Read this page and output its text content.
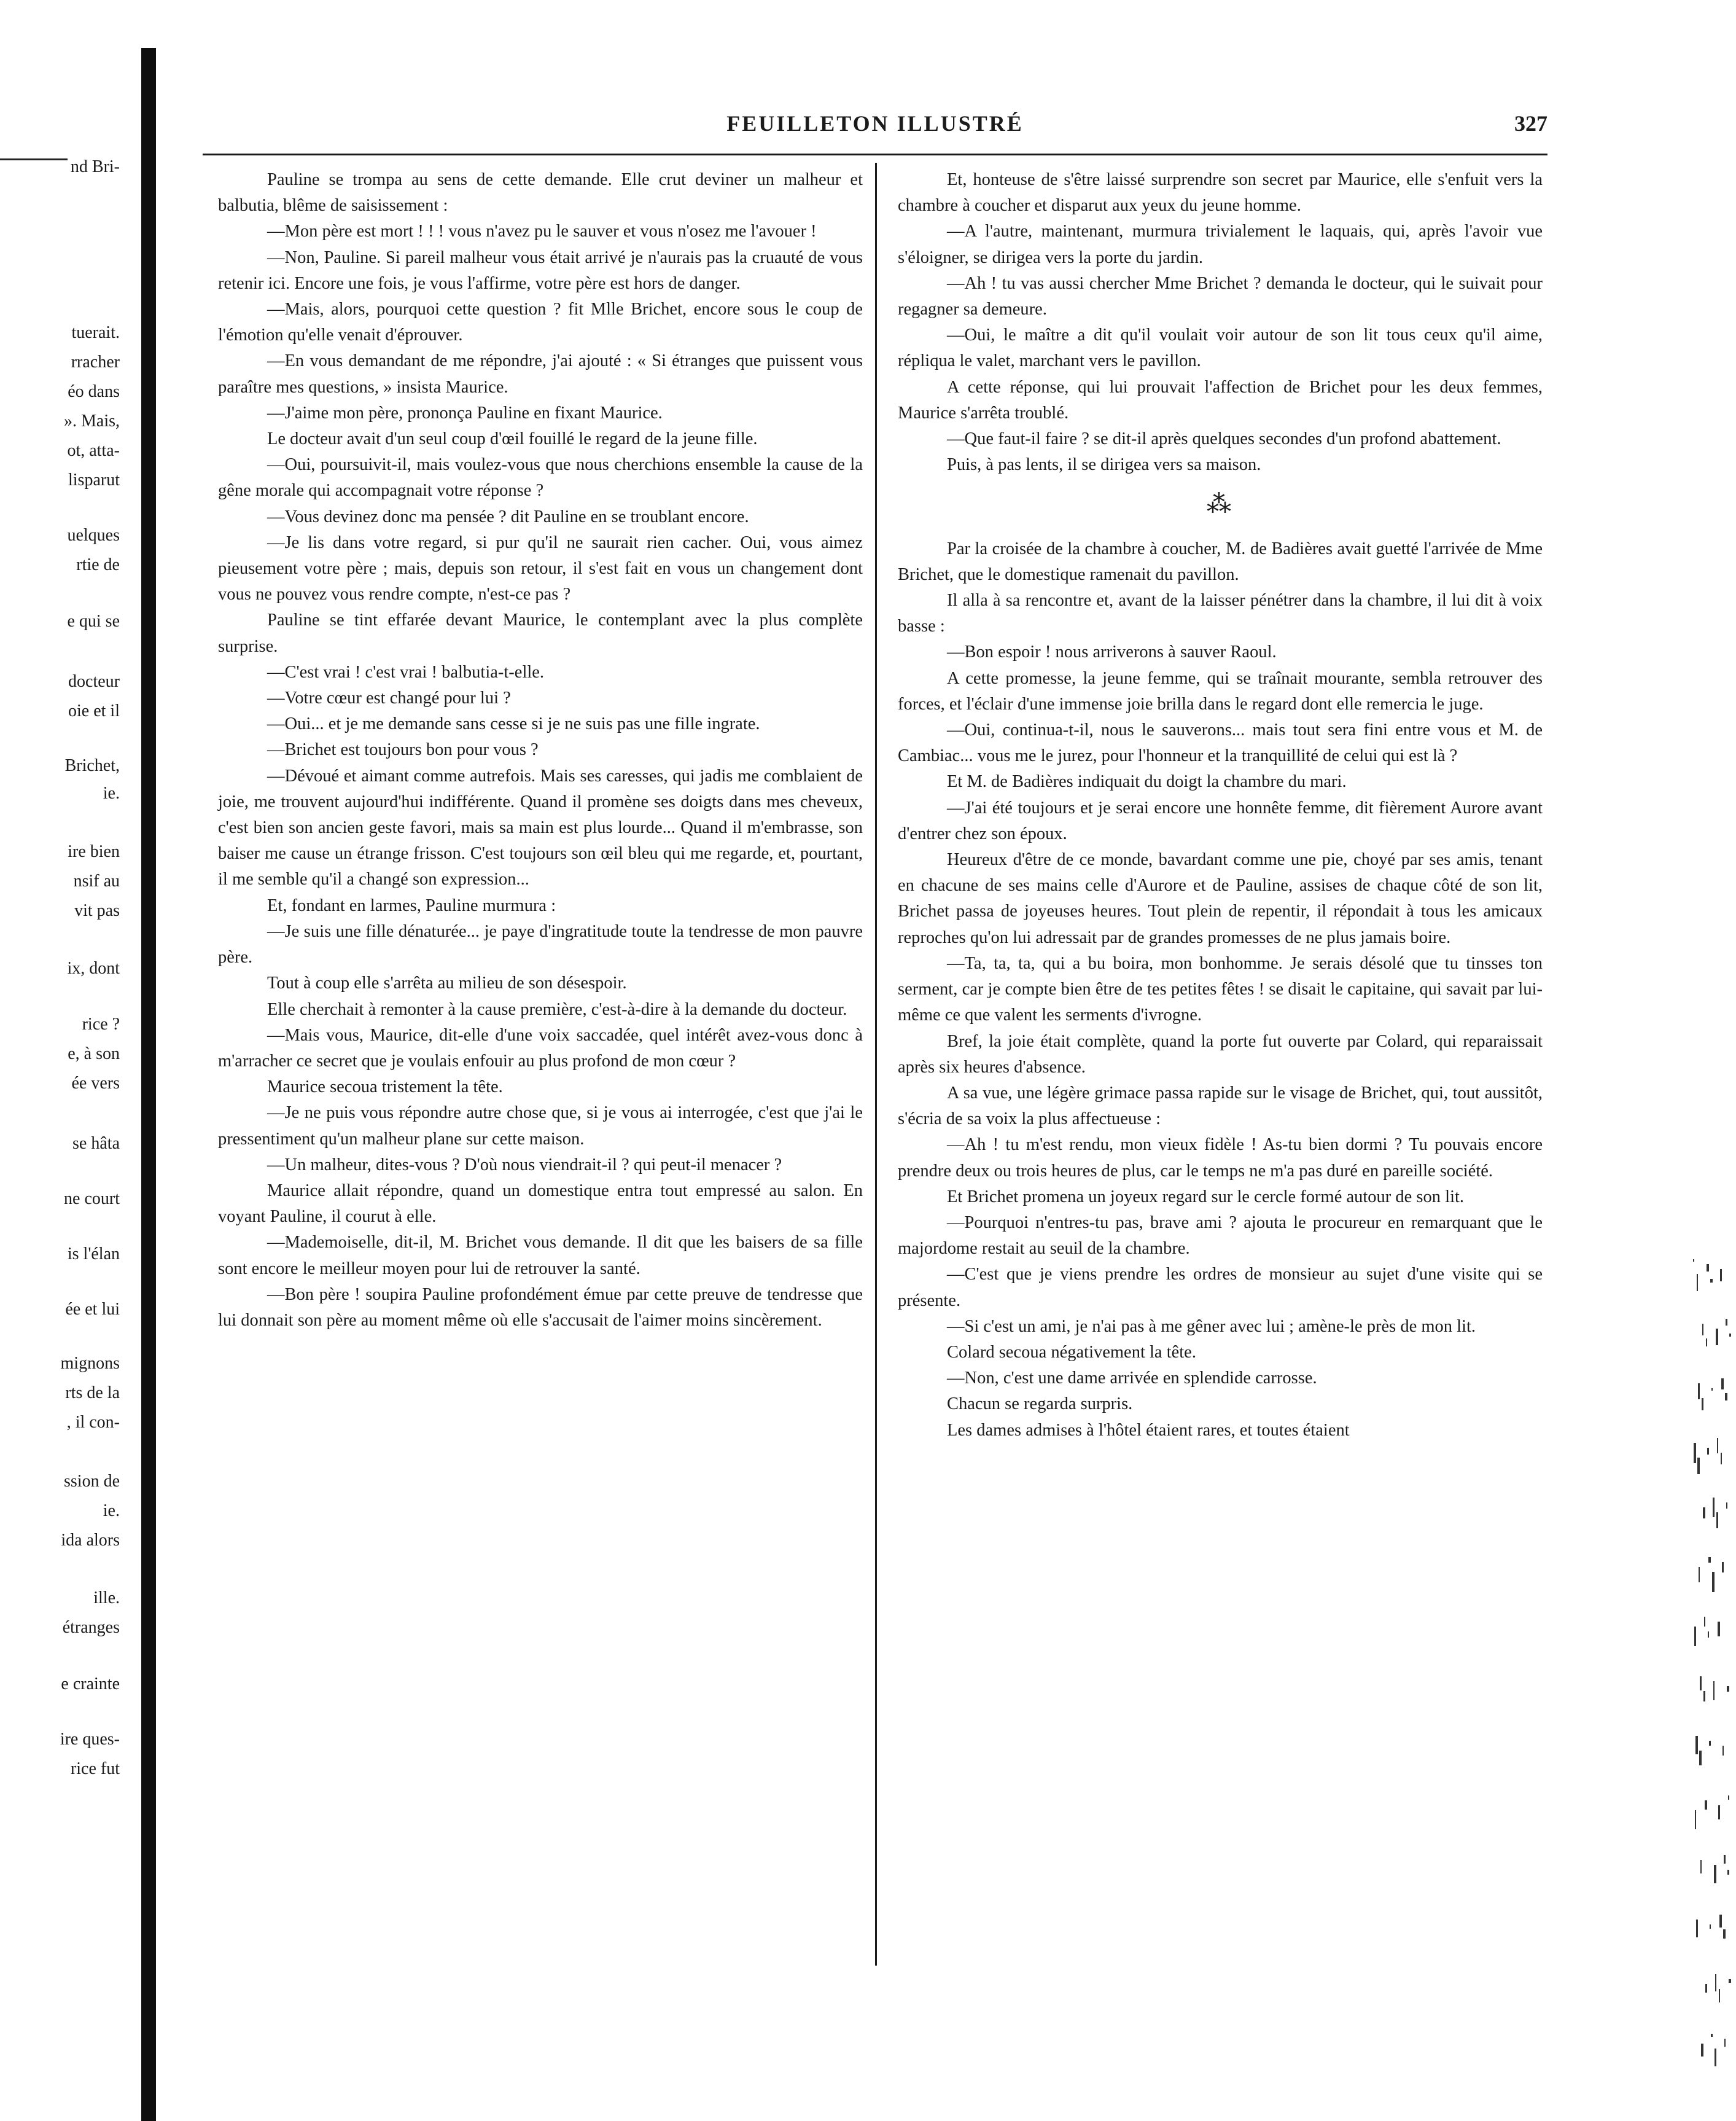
nd Bri-
tuerait.
rracher
éo dans
». Mais,
ot, atta-
lisparut
uelques
rtie de
e qui se
docteur
oie et il
Brichet,
ie.
ire bien
nsif au
vit pas
ix, dont
rice ?
e, à son
ée vers
se hâta
ne court
is l'élan
ée et lui
mignons
rts de la
, il con-
ssion de
ie.
ida alors
ille.
étranges
e crainte
ire ques-
rice fut
FEUILLETON ILLUSTRÉ	327

Pauline se trompa au sens de cette demande. Elle crut deviner un malheur et balbutia, blême de saisissement :

—Mon père est mort ! ! ! vous n'avez pu le sauver et vous n'osez me l'avouer !

—Non, Pauline. Si pareil malheur vous était arrivé je n'aurais pas la cruauté de vous retenir ici. Encore une fois, je vous l'affirme, votre père est hors de danger.

—Mais, alors, pourquoi cette question ? fit Mlle Brichet, encore sous le coup de l'émotion qu'elle venait d'éprouver.

—En vous demandant de me répondre, j'ai ajouté : « Si étranges que puissent vous paraître mes questions, » insista Maurice.

—J'aime mon père, prononça Pauline en fixant Maurice.

Le docteur avait d'un seul coup d'œil fouillé le regard de la jeune fille.

—Oui, poursuivit-il, mais voulez-vous que nous cherchions ensemble la cause de la gêne morale qui accompagnait votre réponse ?

—Vous devinez donc ma pensée ? dit Pauline en se troublant encore.

—Je lis dans votre regard, si pur qu'il ne saurait rien cacher. Oui, vous aimez pieusement votre père ; mais, depuis son retour, il s'est fait en vous un changement dont vous ne pouvez vous rendre compte, n'est-ce pas ?

Pauline se tint effarée devant Maurice, le contemplant avec la plus complète surprise.

—C'est vrai ! c'est vrai ! balbutia-t-elle.

—Votre cœur est changé pour lui ?

—Oui... et je me demande sans cesse si je ne suis pas une fille ingrate.

—Brichet est toujours bon pour vous ?

—Dévoué et aimant comme autrefois. Mais ses caresses, qui jadis me comblaient de joie, me trouvent aujourd'hui indifférente. Quand il promène ses doigts dans mes cheveux, c'est bien son ancien geste favori, mais sa main est plus lourde... Quand il m'embrasse, son baiser me cause un étrange frisson. C'est toujours son œil bleu qui me regarde, et, pourtant, il me semble qu'il a changé son expression...

Et, fondant en larmes, Pauline murmura :

—Je suis une fille dénaturée... je paye d'ingratitude toute la tendresse de mon pauvre père.

Tout à coup elle s'arrêta au milieu de son désespoir.

Elle cherchait à remonter à la cause première, c'est-à-dire à la demande du docteur.

—Mais vous, Maurice, dit-elle d'une voix saccadée, quel intérêt avez-vous donc à m'arracher ce secret que je voulais enfouir au plus profond de mon cœur ?

Maurice secoua tristement la tête.

—Je ne puis vous répondre autre chose que, si je vous ai interrogée, c'est que j'ai le pressentiment qu'un malheur plane sur cette maison.

—Un malheur, dites-vous ? D'où nous viendrait-il ? qui peut-il menacer ?

Maurice allait répondre, quand un domestique entra tout empressé au salon. En voyant Pauline, il courut à elle.

—Mademoiselle, dit-il, M. Brichet vous demande. Il dit que les baisers de sa fille sont encore le meilleur moyen pour lui de retrouver la santé.

—Bon père ! soupira Pauline profondément émue par cette preuve de tendresse que lui donnait son père au moment même où elle s'accusait de l'aimer moins sincèrement.

Et, honteuse de s'être laissé surprendre son secret par Maurice, elle s'enfuit vers la chambre à coucher et disparut aux yeux du jeune homme.

—A l'autre, maintenant, murmura trivialement le laquais, qui, après l'avoir vue s'éloigner, se dirigea vers la porte du jardin.

—Ah ! tu vas aussi chercher Mme Brichet ? demanda le docteur, qui le suivait pour regagner sa demeure.

—Oui, le maître a dit qu'il voulait voir autour de son lit tous ceux qu'il aime, répliqua le valet, marchant vers le pavillon.

A cette réponse, qui lui prouvait l'affection de Brichet pour les deux femmes, Maurice s'arrêta troublé.

—Que faut-il faire ? se dit-il après quelques secondes d'un profond abattement.

Puis, à pas lents, il se dirigea vers sa maison.

⁂

Par la croisée de la chambre à coucher, M. de Badières avait guetté l'arrivée de Mme Brichet, que le domestique ramenait du pavillon.

Il alla à sa rencontre et, avant de la laisser pénétrer dans la chambre, il lui dit à voix basse :

—Bon espoir ! nous arriverons à sauver Raoul.

A cette promesse, la jeune femme, qui se traînait mourante, sembla retrouver des forces, et l'éclair d'une immense joie brilla dans le regard dont elle remercia le juge.

—Oui, continua-t-il, nous le sauverons... mais tout sera fini entre vous et M. de Cambiac... vous me le jurez, pour l'honneur et la tranquillité de celui qui est là ?

Et M. de Badières indiquait du doigt la chambre du mari.

—J'ai été toujours et je serai encore une honnête femme, dit fièrement Aurore avant d'entrer chez son époux.

Heureux d'être de ce monde, bavardant comme une pie, choyé par ses amis, tenant en chacune de ses mains celle d'Aurore et de Pauline, assises de chaque côté de son lit, Brichet passa de joyeuses heures. Tout plein de repentir, il répondait à tous les amicaux reproches qu'on lui adressait par de grandes promesses de ne plus jamais boire.

—Ta, ta, ta, qui a bu boira, mon bonhomme. Je serais désolé que tu tinsses ton serment, car je compte bien être de tes petites fêtes ! se disait le capitaine, qui savait par lui-même ce que valent les serments d'ivrogne.

Bref, la joie était complète, quand la porte fut ouverte par Colard, qui reparaissait après six heures d'absence.

A sa vue, une légère grimace passa rapide sur le visage de Brichet, qui, tout aussitôt, s'écria de sa voix la plus affectueuse :

—Ah ! tu m'est rendu, mon vieux fidèle ! As-tu bien dormi ? Tu pouvais encore prendre deux ou trois heures de plus, car le temps ne m'a pas duré en pareille société.

Et Brichet promena un joyeux regard sur le cercle formé autour de son lit.

—Pourquoi n'entres-tu pas, brave ami ? ajouta le procureur en remarquant que le majordome restait au seuil de la chambre.

—C'est que je viens prendre les ordres de monsieur au sujet d'une visite qui se présente.

—Si c'est un ami, je n'ai pas à me gêner avec lui ; amène-le près de mon lit.

Colard secoua négativement la tête.

—Non, c'est une dame arrivée en splendide carrosse.

Chacun se regarda surpris.

Les dames admises à l'hôtel étaient rares, et toutes étaient
